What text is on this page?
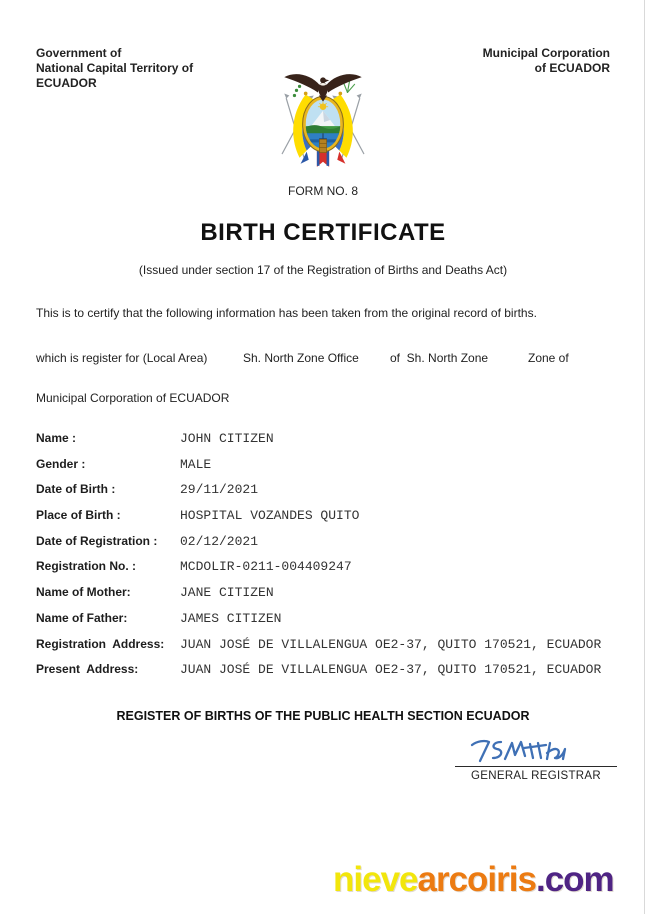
Government of
National Capital Territory of
ECUADOR
Municipal Corporation
of ECUADOR
FORM NO. 8
BIRTH CERTIFICATE
(Issued under section 17 of the Registration of Births and Deaths Act)
This is to certify that the following information has been taken from the original record of births.
which is register for (Local Area)	Sh. North Zone Office	of  Sh. North Zone	Zone of
Municipal Corporation of ECUADOR
Name :	JOHN CITIZEN
Gender :	MALE
Date of Birth :	29/11/2021
Place of Birth :	HOSPITAL VOZANDES QUITO
Date of Registration :	02/12/2021
Registration No. :	MCDOLIR-0211-004409247
Name of Mother:	JANE CITIZEN
Name of Father:	JAMES CITIZEN
Registration  Address:	JUAN JOSÉ DE VILLALENGUA OE2-37, QUITO 170521, ECUADOR
Present  Address:	JUAN JOSÉ DE VILLALENGUA OE2-37, QUITO 170521, ECUADOR
REGISTER OF BIRTHS OF THE PUBLIC HEALTH SECTION ECUADOR
GENERAL REGISTRAR
nievearcoiris.com
